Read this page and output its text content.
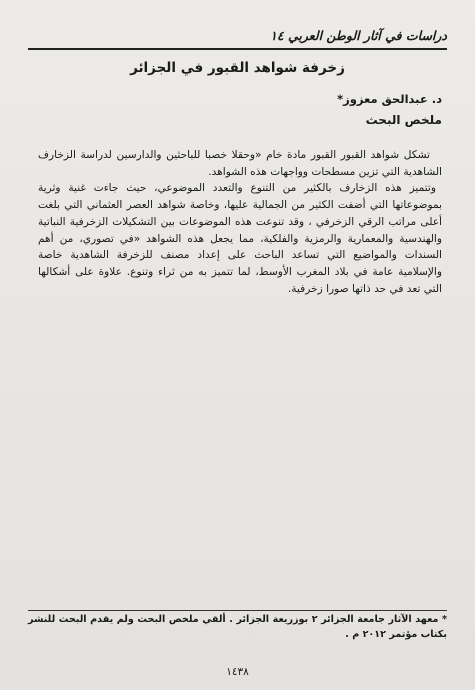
دراسات في آثار الوطن العربي ١٤
زخرفة شواهد القبور في الجزائر
د. عبدالحق معزوز*
ملخص البحث

تشكل شواهد القبور القبور مادة خام «وحقلا خصبا للباحثين والدارسين لدراسة الزخارف الشاهدية التي تزين مسطحات وواجهات هذه الشواهد.

وتتميز هذه الزخارف بالكثير من التنوع والتعدد الموضوعي، حيث جاءت غنية وثرية بموضوعاتها التي أضفت الكثير من الجمالية عليها، وخاصة شواهد العصر العثماني التي بلغت أعلى مراتب الرقي الزخرفي ، وقد تنوعت هذه الموضوعات بين التشكيلات الزخرفية النباتية والهندسية والمعمارية والرمزية والفلكية، مما يجعل هذه الشواهد «في تصوري، من أهم السندات والمواضيع التي تساعد الباحث على إعداد مصنف للزخرفة الشاهدية خاصة والإسلامية عامة في بلاد المغرب الأوسط، لما تتميز به من ثراء وتنوع. علاوة على أشكالها التي تعد في حد ذاتها صورا زخرفية.

* معهد الآثار جامعة الجزائر ٢ بوزريعة الجزائر . ألقي ملخص البحث ولم يقدم البحث للنشر بكتاب مؤتمر ٢٠١٢ م .
١٤٣٨
